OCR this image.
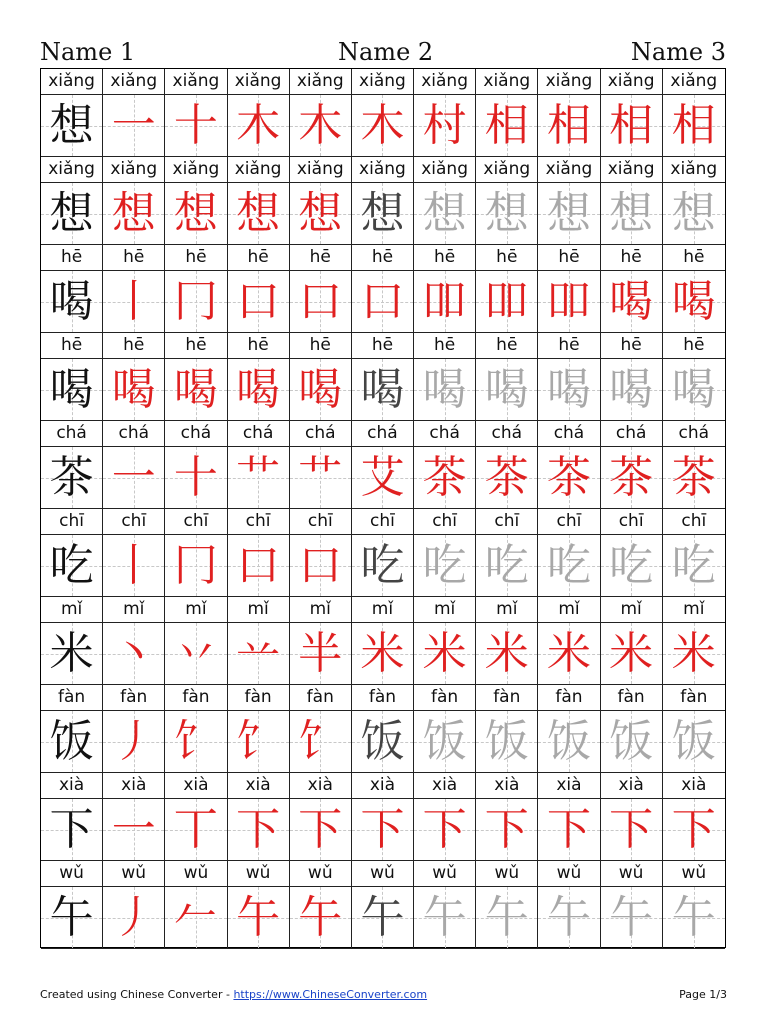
Name 1	Name 2	Name 3
xiǎng xiǎng xiǎng xiǎng xiǎng xiǎng xiǎng xiǎng xiǎng xiǎng xiǎng
想 一 十 木 木 木 村 相 相 相 相
xiǎng xiǎng xiǎng xiǎng xiǎng xiǎng xiǎng xiǎng xiǎng xiǎng xiǎng
想 想 想 想 想 想 想 想 想 想 想
hē	hē	hē	hē	hē	hē	hē	hē	hē	hē	hē
喝 丨 冂 口 口 口 吅 吅 吅 喝 喝
hē	hē	hē	hē	hē	hē	hē	hē	hē	hē	hē
喝 喝 喝 喝 喝 喝 喝 喝 喝 喝 喝
chá	chá	chá	chá	chá	chá	chá	chá	chá	chá	chá
茶 一 十 艹 艹 艾 茶 茶 茶 茶 茶
chī	chī	chī	chī	chī	chī	chī	chī	chī	chī	chī
吃 丨 冂 口 口 吃 吃 吃 吃 吃 吃
mǐ	mǐ	mǐ	mǐ	mǐ	mǐ	mǐ	mǐ	mǐ	mǐ	mǐ
米 丶 丷 䒑 半 米 米 米 米 米 米
fàn	fàn	fàn	fàn	fàn	fàn	fàn	fàn	fàn	fàn	fàn
饭 丿 饣 饣 饣 饭 饭 饭 饭 饭 饭
xià	xià	xià	xià	xià	xià	xià	xià	xià	xià	xià
下 一 丅 下 下 下 下 下 下 下 下
wǔ	wǔ	wǔ	wǔ	wǔ	wǔ	wǔ	wǔ	wǔ	wǔ	wǔ
午 丿 𠂉 午 午 午 午 午 午 午 午
Created using Chinese Converter - https://www.ChineseConverter.com	Page 1/3
